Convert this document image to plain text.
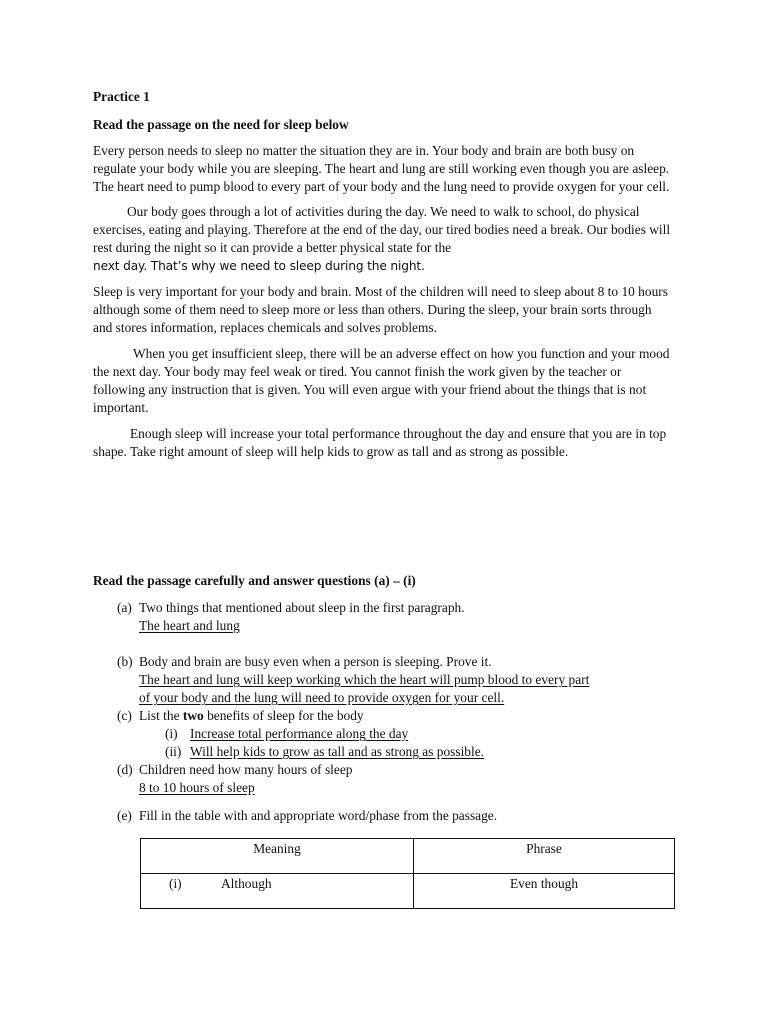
Practice 1

Read the passage on the need for sleep below

Every person needs to sleep no matter the situation they are in. Your body and brain are both busy on regulate your body while you are sleeping. The heart and lung are still working even though you are asleep. The heart need to pump blood to every part of your body and the lung need to provide oxygen for your cell.

Our body goes through a lot of activities during the day. We need to walk to school, do physical exercises, eating and playing. Therefore at the end of the day, our tired bodies need a break. Our bodies will rest during the night so it can provide a better physical state for the
next day. That’s why we need to sleep during the night.

Sleep is very important for your body and brain. Most of the children will need to sleep about 8 to 10 hours although some of them need to sleep more or less than others. During the sleep, your brain sorts through and stores information, replaces chemicals and solves problems.

When you get insufficient sleep, there will be an adverse effect on how you function and your mood the next day. Your body may feel weak or tired. You cannot finish the work given by the teacher or following any instruction that is given. You will even argue with your friend about the things that is not important.

Enough sleep will increase your total performance throughout the day and ensure that you are in top shape. Take right amount of sleep will help kids to grow as tall and as strong as possible.

Read the passage carefully and answer questions (a) – (i)

(a) Two things that mentioned about sleep in the first paragraph.
The heart and lung
(b) Body and brain are busy even when a person is sleeping. Prove it.
The heart and lung will keep working which the heart will pump blood to every part
of your body and the lung will need to provide oxygen for your cell.
(c) List the two benefits of sleep for the body
(i) Increase total performance along the day
(ii) Will help kids to grow as tall and as strong as possible.
(d) Children need how many hours of sleep
8 to 10 hours of sleep
(e) Fill in the table with and appropriate word/phase from the passage.
Meaning	Phrase
(i) Although	Even though
